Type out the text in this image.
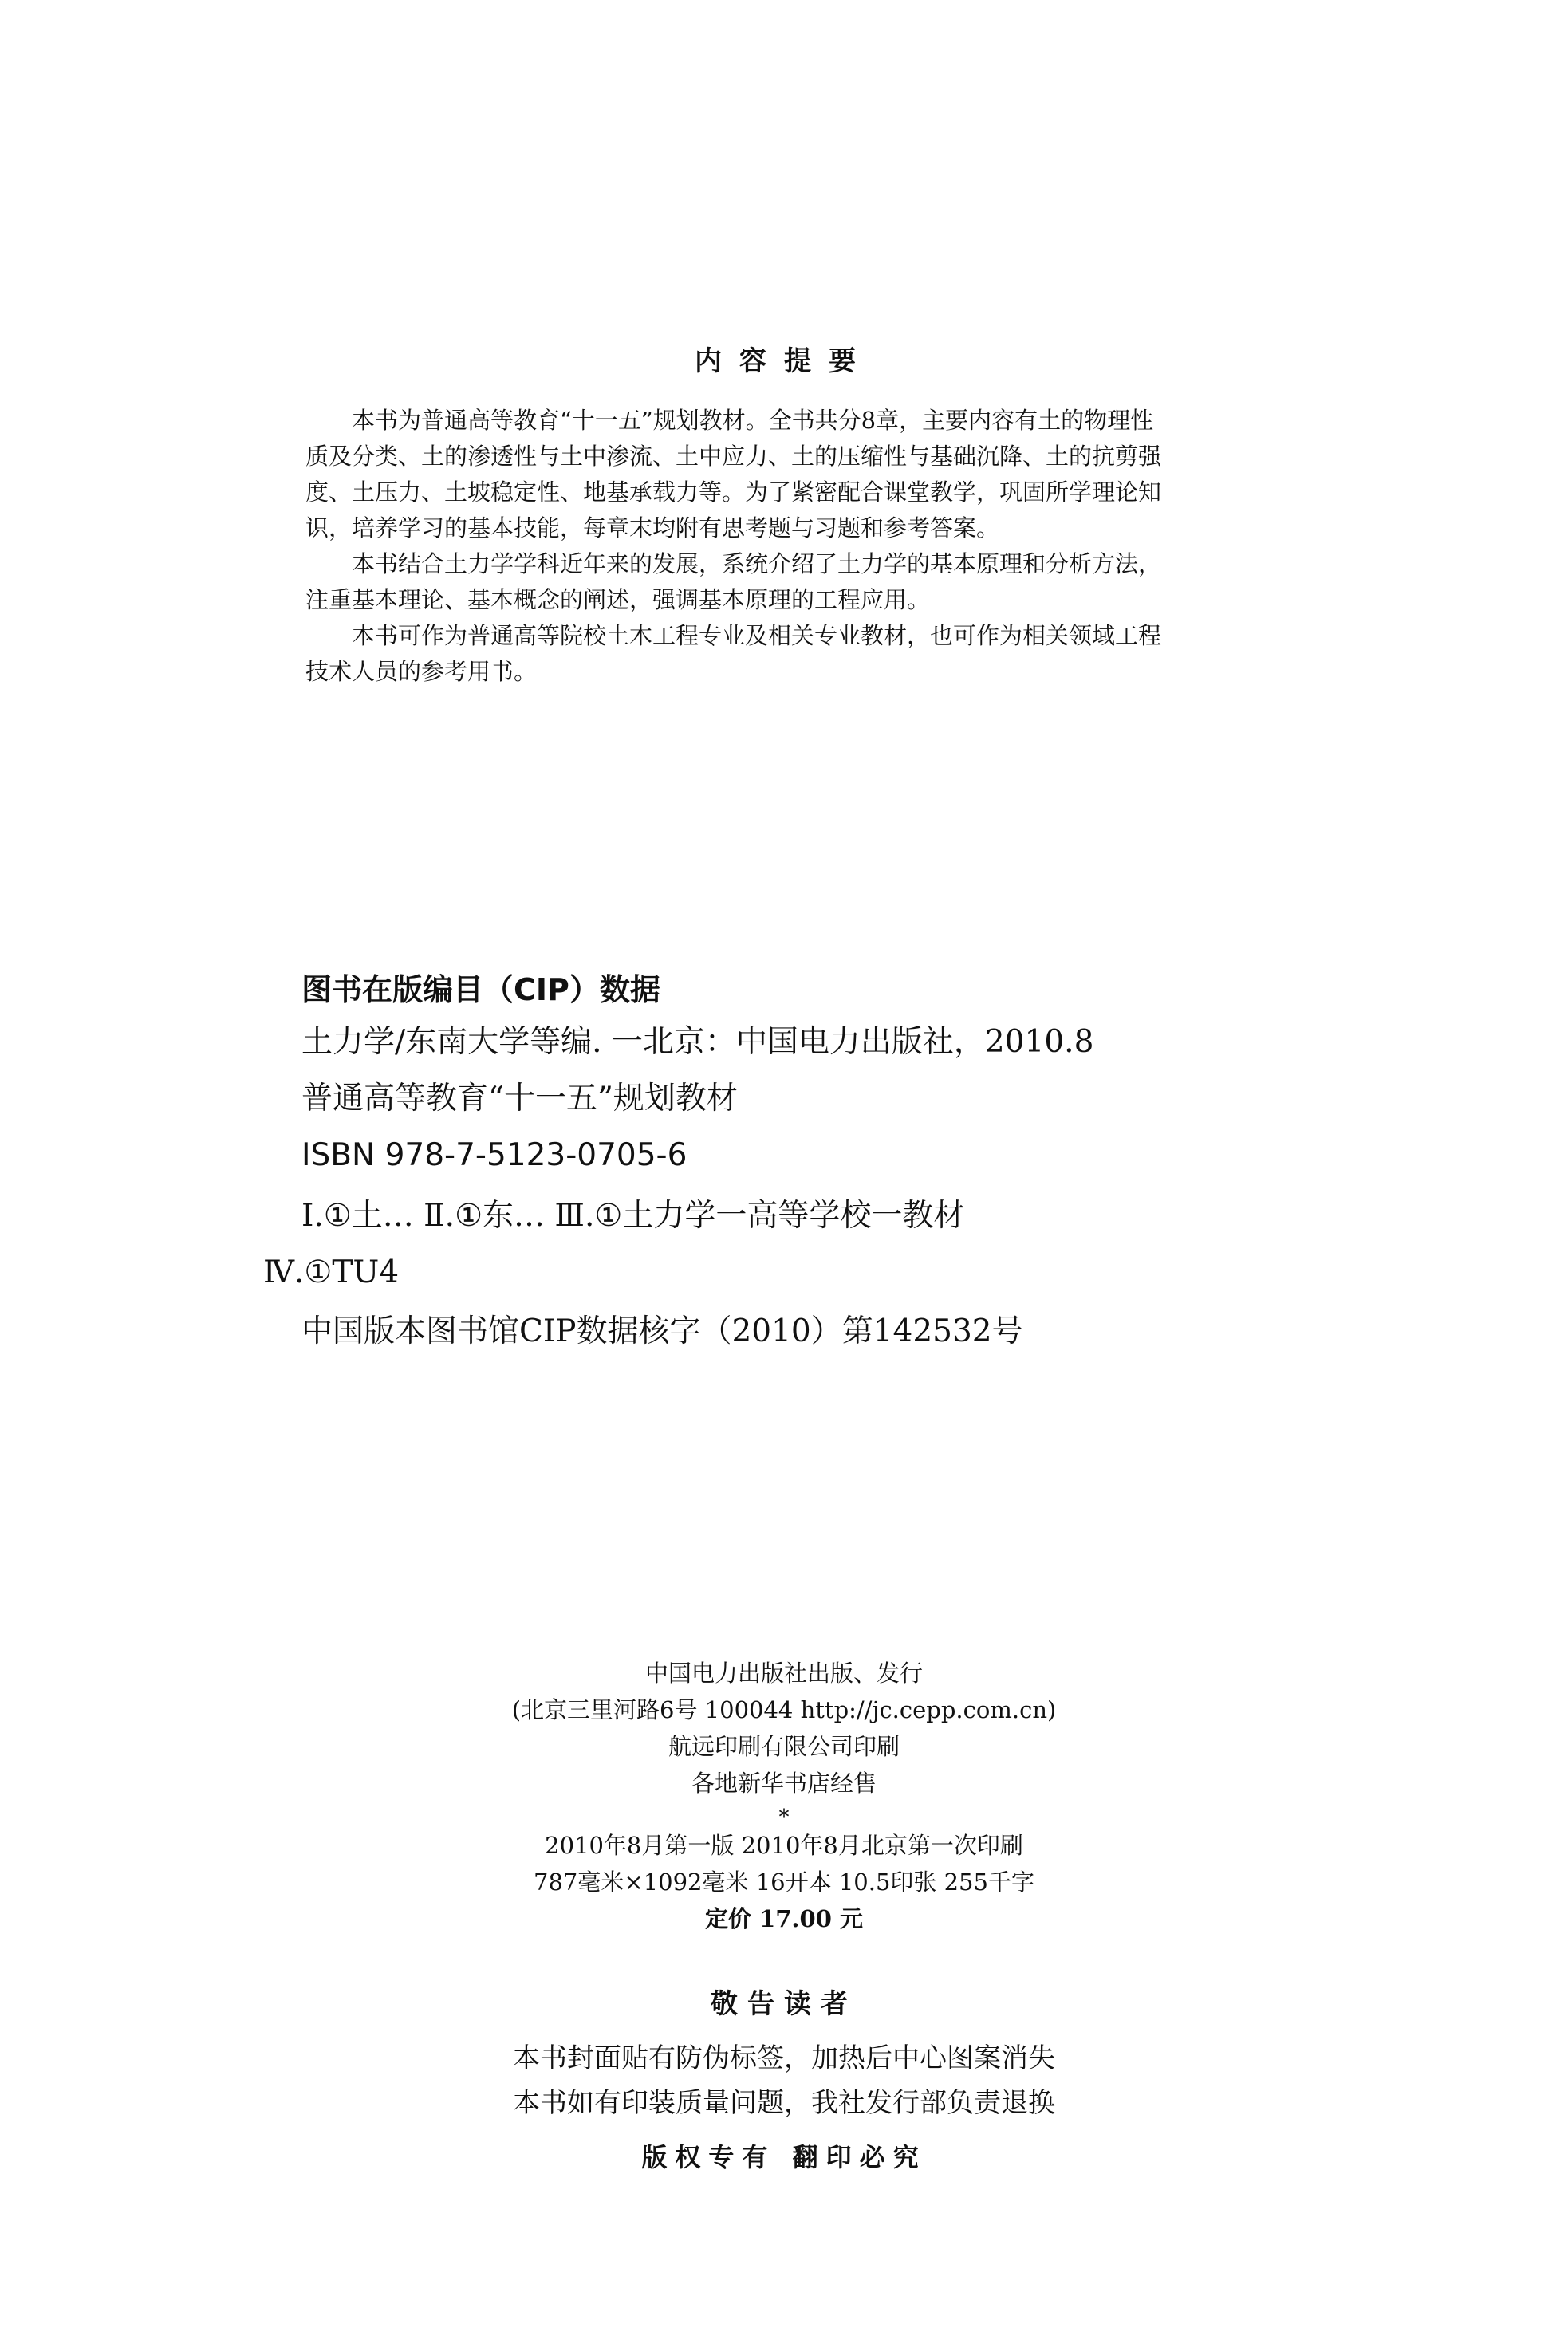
内容提要

本书为普通高等教育“十一五”规划教材。全书共分8章，主要内容有土的物理性质及分类、土的渗透性与土中渗流、土中应力、土的压缩性与基础沉降、土的抗剪强度、土压力、土坡稳定性、地基承载力等。为了紧密配合课堂教学，巩固所学理论知识，培养学习的基本技能，每章末均附有思考题与习题和参考答案。

本书结合土力学学科近年来的发展，系统介绍了土力学的基本原理和分析方法，注重基本理论、基本概念的阐述，强调基本原理的工程应用。

本书可作为普通高等院校土木工程专业及相关专业教材，也可作为相关领域工程技术人员的参考用书。

图书在版编目（CIP）数据
土力学/东南大学等编. 一北京：中国电力出版社，2010.8
普通高等教育“十一五”规划教材
ISBN 978-7-5123-0705-6
Ⅰ.①土… Ⅱ.①东… Ⅲ.①土力学一高等学校一教材
Ⅳ.①TU4
中国版本图书馆CIP数据核字（2010）第142532号
中国电力出版社出版、发行
(北京三里河路6号 100044 http://jc.cepp.com.cn)
航远印刷有限公司印刷
各地新华书店经售
*
2010年8月第一版 2010年8月北京第一次印刷
787毫米×1092毫米 16开本 10.5印张 255千字
定价 17.00 元
敬告读者
本书封面贴有防伪标签，加热后中心图案消失
本书如有印装质量问题，我社发行部负责退换
版权专有 翻印必究
